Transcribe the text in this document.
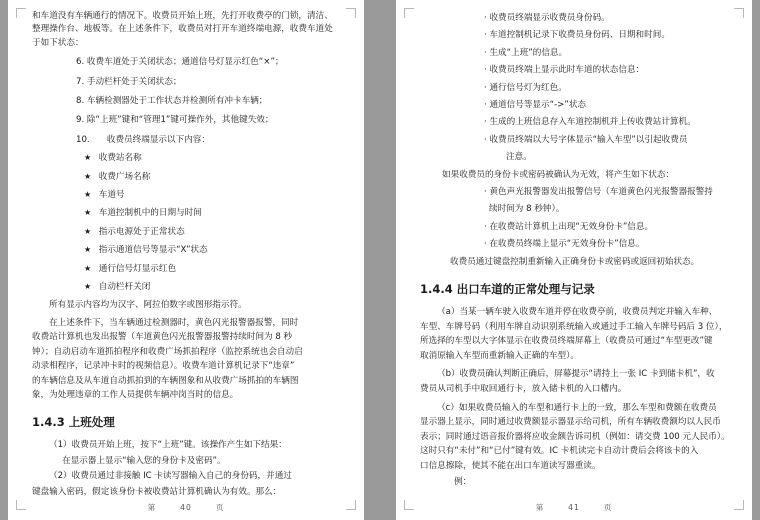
和车道没有车辆通行的情况下。收费员开始上班，先打开收费亭的门锁，清洁、
整理操作台、地板等。在上述条件下，收费员对打开车道终端电源，收费车道处
于如下状态：
6. 收费车道处于关闭状态；通道信号灯显示红色“×”；
7. 手动栏杆处于关闭状态；
8. 车辆检测器处于工作状态并检测所有冲卡车辆；
9. 除“上班”键和“管理1”键可操作外，其他键失效；
10.　　收费员终端显示以下内容：
★ 收费站名称
★ 收费广场名称
★ 车道号
★ 车道控制机中的日期与时间
★ 指示电源处于正常状态
★ 指示通道信号等显示“X”状态
★ 通行信号灯显示红色
★ 自动栏杆关闭
所有显示内容均为汉字、阿拉伯数字或图形指示符。
在上述条件下，当车辆通过检测器时，黄色闪光报警器报警，同时
收费站计算机也发出报警（车道黄色闪光报警器报警持续时间为 8 秒
钟）；自动启动车道抓拍程序和收费广场抓拍程序（监控系统也会自动启
动录相程序，记录冲卡时的视频信息）。收费车道计算机记录下“违章”
的车辆信息及从车道自动抓拍到的车辆图象和从收费广场抓拍的车辆图
象，为处理违章的工作人员提供车辆冲岗当时的信息。
1.4.3 上班处理
（1）收费员开始上班，按下“上班”键。该操作产生如下结果：
在显示器上显示“输入您的身份卡及密码”。
（2）收费员通过非接触 IC 卡读写器输入自己的身份码，并通过
键盘输入密码，假定该身份卡被收费站计算机确认为有效。那么：
第	40	页
· 收费员终端显示收费员身份码。
· 车道控制机记录下收费员身份码、日期和时间。
· 生成“上班”的信息。
· 收费员终端上显示此时车道的状态信息：
· 通行信号灯为红色。
· 通道信号等显示“->”状态
· 生成的上班信息存入车道控制机并上传收费站计算机。
· 收费员终端以大号字体显示“输入车型”以引起收费员
注意。
如果收费员的身份卡或密码被确认为无效，将产生如下状态：
· 黄色声光报警器发出报警信号（车道黄色闪光报警器报警持
续时间为 8 秒钟）。
· 在收费站计算机上出现“无效身份卡”信息。
· 在收费员终端上显示“无效身份卡”信息。
收费员通过键盘控制重新输入正确身份卡或密码或返回初始状态。
1.4.4 出口车道的正常处理与记录
（a）当某一辆车驶入收费车道并停在收费亭前，收费员判定并输入车种、
车型、车牌号码（利用车牌自动识别系统输入或通过手工输入车牌号码后 3 位），
所选择的车型以大字体显示在收费员终端屏幕上（收费员可通过“车型更改”键
取消原输入车型而重新输入正确的车型）。
（b）收费员确认判断正确后，屏幕提示“请持上一张 IC 卡到储卡机”，收
费员从司机手中取回通行卡，放入储卡机的入口槽内。
（c）如果收费员输入的车型和通行卡上的一致，那么车型和费额在收费员
显示器上显示，同时通过收费额显示器显示给司机，所有车辆收费额均以人民币
表示；同时通过语音报价器将应收金额告诉司机（例如：请交费 100 元人民币）。
这时只有“未付”和“已付”键有效。IC 卡机读完卡自动计费后会将该卡的入
口信息擦除，使其不能在出口车道读写器重读。
例：
第	41	页
